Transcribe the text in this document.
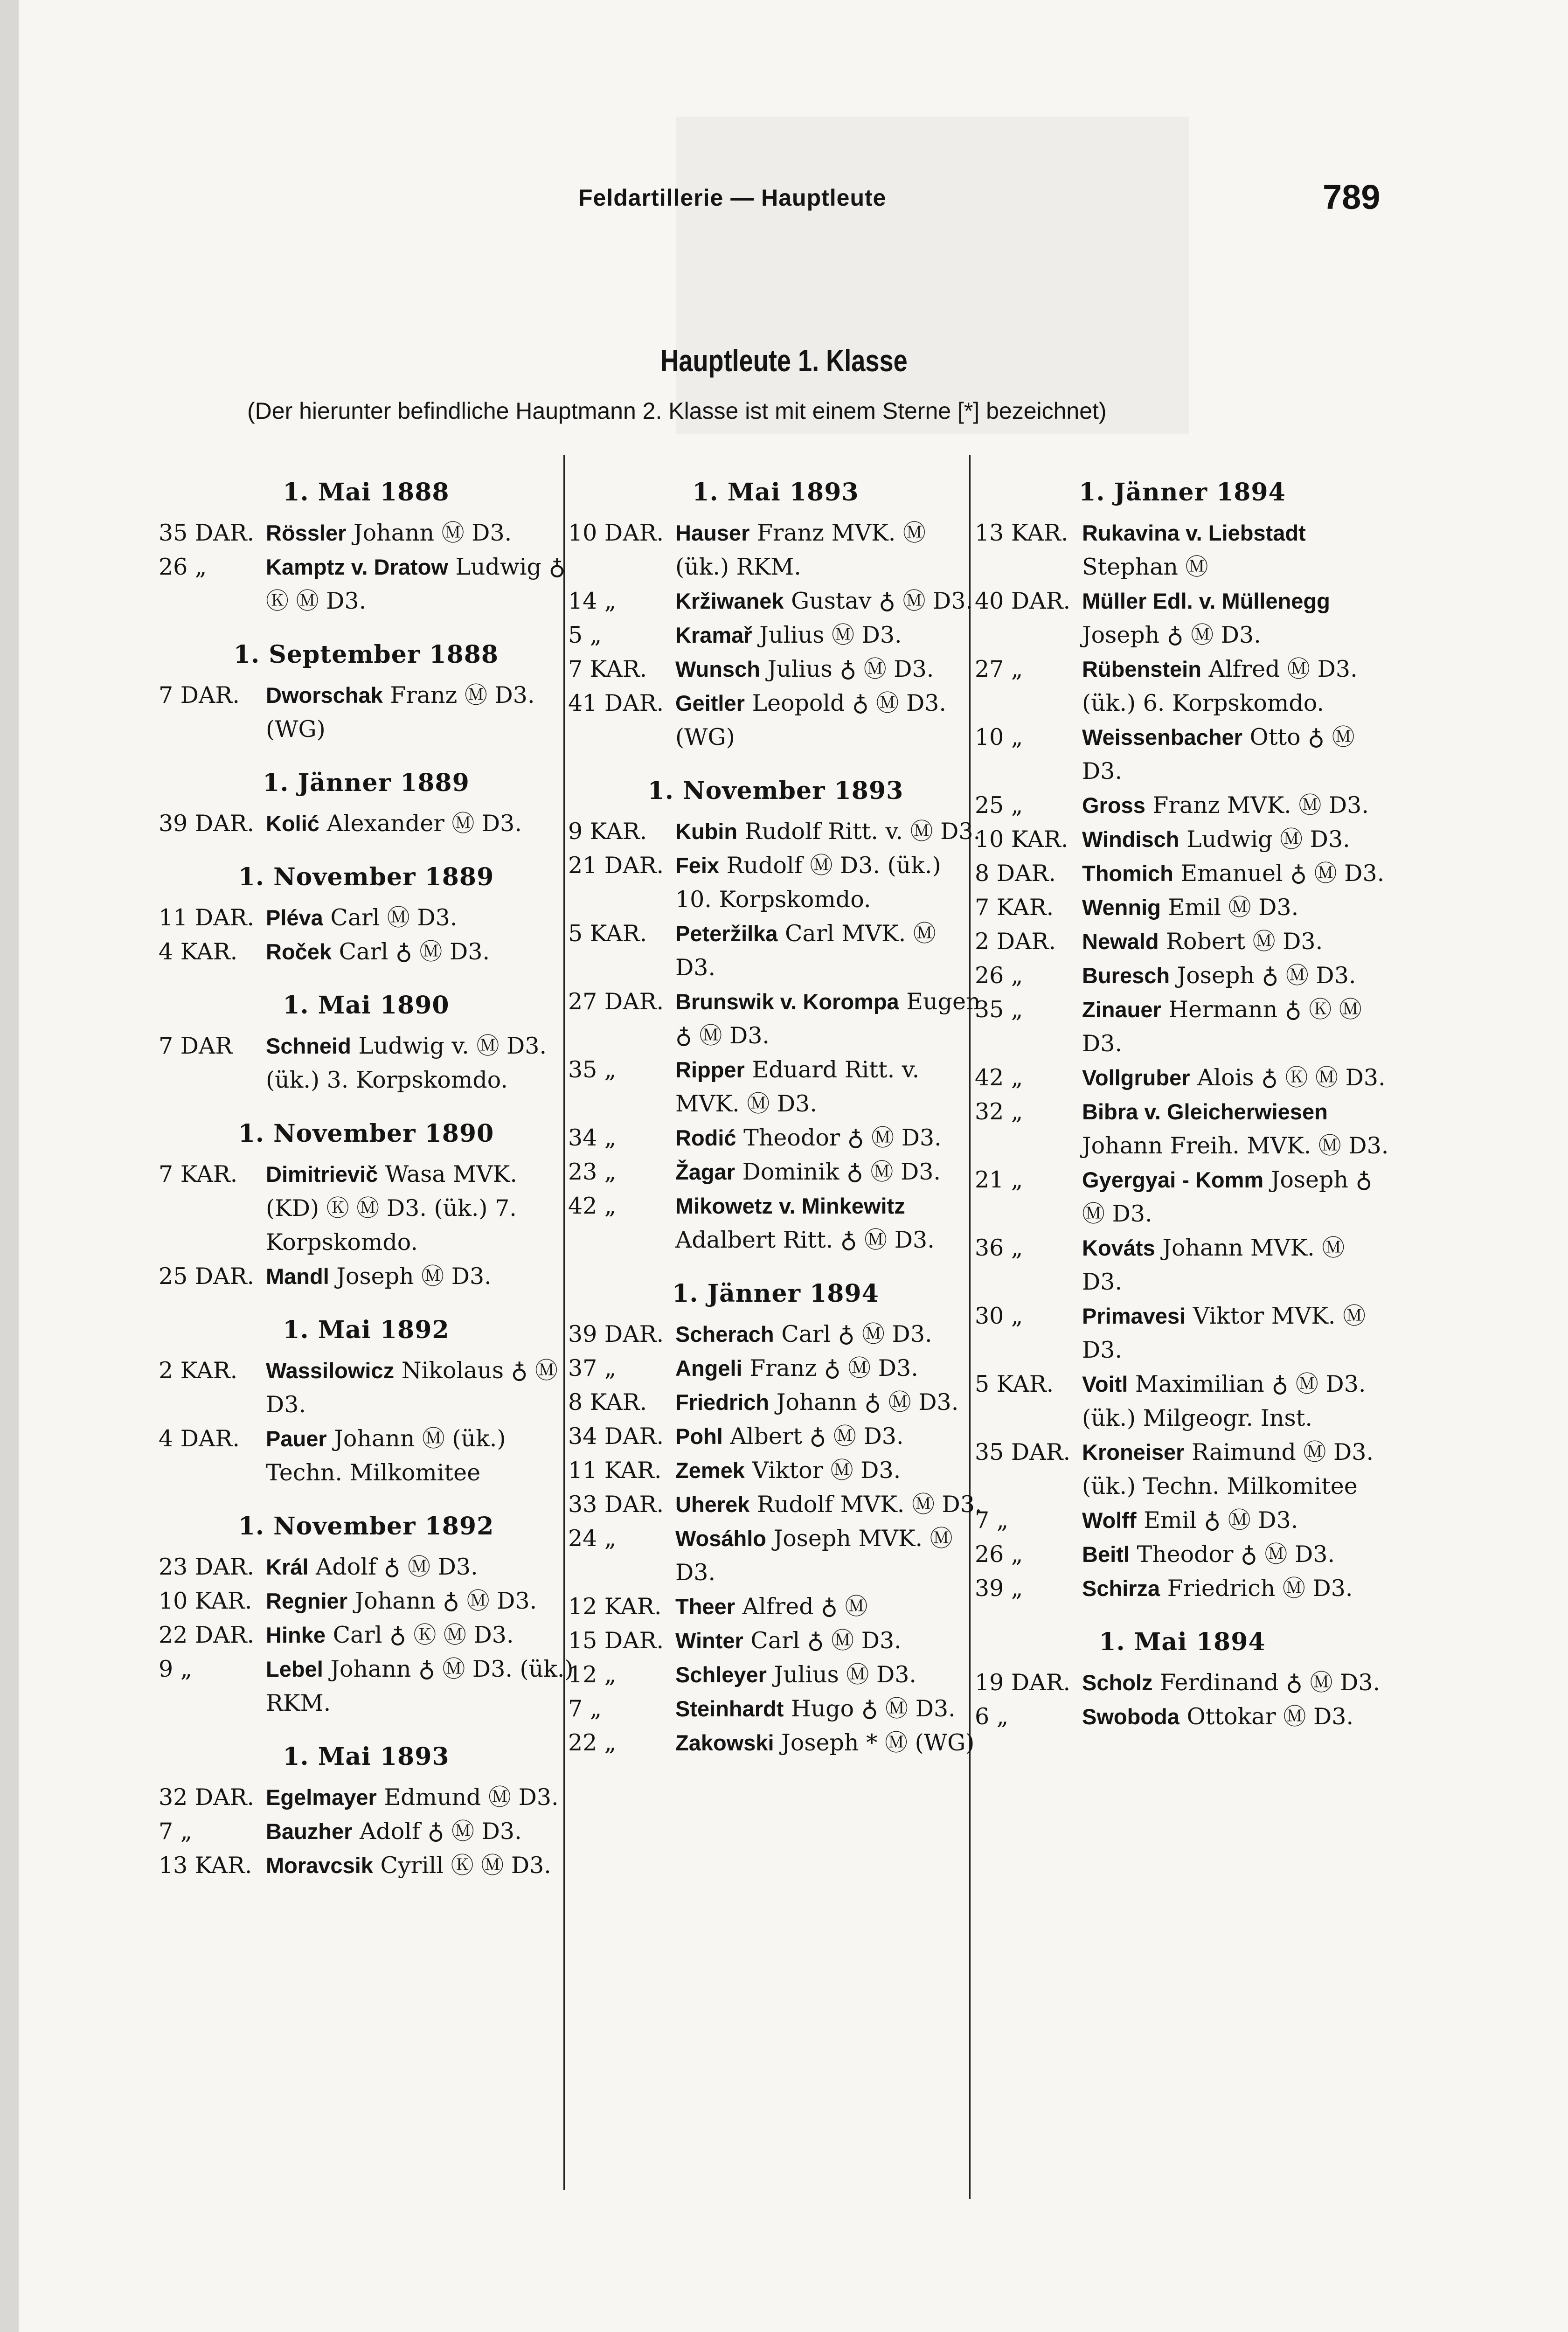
Feldartillerie — Hauptleute	789
Hauptleute 1. Klasse
(Der hierunter befindliche Hauptmann 2. Klasse ist mit einem Sterne [*] bezeichnet)
1. Mai 1888
35 DAR. Rössler Johann Ⓜ D3.
26 „	Kamptz v. Dratow Ludwig ♁ Ⓚ Ⓜ D3.
1. September 1888
7 DAR.	Dworschak Franz Ⓜ D3. (WG)
1. Jänner 1889
39 DAR. Kolić Alexander Ⓜ D3.
1. November 1889
11 DAR. Pléva Carl Ⓜ D3.
4 KAR.	Roček Carl ♁ Ⓜ D3.
1. Mai 1890
7 DAR	Schneid Ludwig v. Ⓜ D3. (ük.) 3. Korpskomdo.
1. November 1890
7 KAR.	Dimitrievič Wasa MVK. (KD) Ⓚ Ⓜ D3. (ük.) 7. Korpskomdo.
25 DAR. Mandl Joseph Ⓜ D3.
1. Mai 1892
2 KAR.	Wassilowicz Nikolaus ♁ Ⓜ D3.
4 DAR.	Pauer Johann Ⓜ (ük.) Techn. Milkomitee
1. November 1892
23 DAR. Král Adolf ♁ Ⓜ D3.
10 KAR. Regnier Johann ♁ Ⓜ D3.
22 DAR. Hinke Carl ♁ Ⓚ Ⓜ D3.
9 „	Lebel Johann ♁ Ⓜ D3. (ük.) RKM.
1. Mai 1893
32 DAR. Egelmayer Edmund Ⓜ D3.
7 „	Bauzher Adolf ♁ Ⓜ D3.
13 KAR. Moravcsik Cyrill Ⓚ Ⓜ D3.
1. Mai 1893
10 DAR. Hauser Franz MVK. Ⓜ (ük.) RKM.
14 „	Kržiwanek Gustav ♁ Ⓜ D3.
5 „	Kramař Julius Ⓜ D3.
7 KAR.	Wunsch Julius ♁ Ⓜ D3.
41 DAR. Geitler Leopold ♁ Ⓜ D3. (WG)
1. November 1893
9 KAR.	Kubin Rudolf Ritt. v. Ⓜ D3.
21 DAR. Feix Rudolf Ⓜ D3. (ük.) 10. Korpskomdo.
5 KAR.	Peteržilka Carl MVK. Ⓜ D3.
27 DAR. Brunswik v. Korompa Eugen ♁ Ⓜ D3.
35 „	Ripper Eduard Ritt. v. MVK. Ⓜ D3.
34 „	Rodić Theodor ♁ Ⓜ D3.
23 „	Žagar Dominik ♁ Ⓜ D3.
42 „	Mikowetz v. Minkewitz Adalbert Ritt. ♁ Ⓜ D3.
1. Jänner 1894
39 DAR. Scherach Carl ♁ Ⓜ D3.
37 „	Angeli Franz ♁ Ⓜ D3.
8 KAR.	Friedrich Johann ♁ Ⓜ D3.
34 DAR. Pohl Albert ♁ Ⓜ D3.
11 KAR. Zemek Viktor Ⓜ D3.
33 DAR. Uherek Rudolf MVK. Ⓜ D3.
24 „	Wosáhlo Joseph MVK. Ⓜ D3.
12 KAR. Theer Alfred ♁ Ⓜ
15 DAR. Winter Carl ♁ Ⓜ D3.
12 „	Schleyer Julius Ⓜ D3.
7 „	Steinhardt Hugo ♁ Ⓜ D3.
22 „	Zakowski Joseph * Ⓜ (WG)
1. Jänner 1894
13 KAR. Rukavina v. Liebstadt Stephan Ⓜ
40 DAR. Müller Edl. v. Müllenegg Joseph ♁ Ⓜ D3.
27 „	Rübenstein Alfred Ⓜ D3. (ük.) 6. Korpskomdo.
10 „	Weissenbacher Otto ♁ Ⓜ D3.
25 „	Gross Franz MVK. Ⓜ D3.
10 KAR. Windisch Ludwig Ⓜ D3.
8 DAR.	Thomich Emanuel ♁ Ⓜ D3.
7 KAR.	Wennig Emil Ⓜ D3.
2 DAR.	Newald Robert Ⓜ D3.
26 „	Buresch Joseph ♁ Ⓜ D3.
35 „	Zinauer Hermann ♁ Ⓚ Ⓜ D3.
42 „	Vollgruber Alois ♁ Ⓚ Ⓜ D3.
32 „	Bibra v. Gleicherwiesen Johann Freih. MVK. Ⓜ D3.
21 „	Gyergyai - Komm Joseph ♁ Ⓜ D3.
36 „	Kováts Johann MVK. Ⓜ D3.
30 „	Primavesi Viktor MVK. Ⓜ D3.
5 KAR.	Voitl Maximilian ♁ Ⓜ D3. (ük.) Milgeogr. Inst.
35 DAR. Kroneiser Raimund Ⓜ D3. (ük.) Techn. Milkomitee
7 „	Wolff Emil ♁ Ⓜ D3.
26 „	Beitl Theodor ♁ Ⓜ D3.
39 „	Schirza Friedrich Ⓜ D3.
1. Mai 1894
19 DAR. Scholz Ferdinand ♁ Ⓜ D3.
6 „	Swoboda Ottokar Ⓜ D3.
